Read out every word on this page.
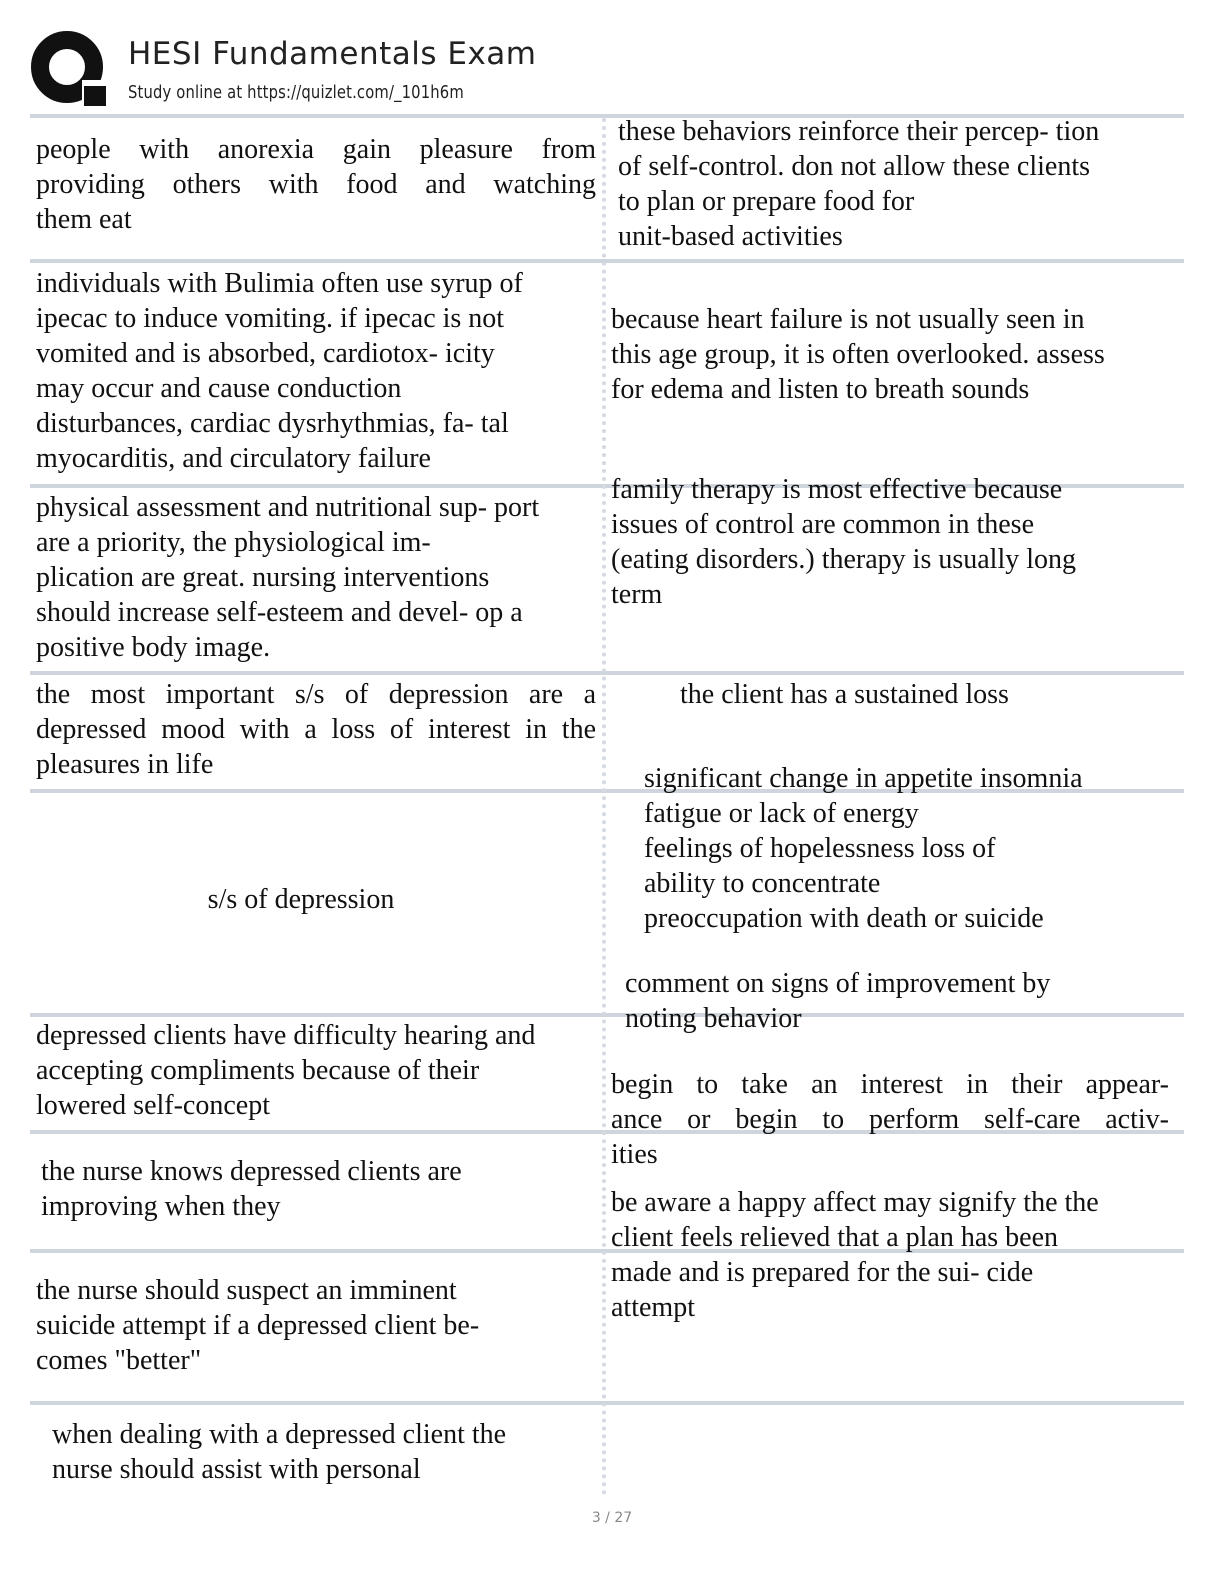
HESI Fundamentals Exam
Study online at https://quizlet.com/_101h6m
people with anorexia gain pleasure from
providing others with food and watching
them eat
these behaviors reinforce their percep- tion
of self-control. don not allow these clients
to plan or prepare food for
unit-based activities
individuals with Bulimia often use syrup of
ipecac to induce vomiting. if ipecac is not
vomited and is absorbed, cardiotox- icity
may occur and cause conduction
disturbances, cardiac dysrhythmias, fa- tal
myocarditis, and circulatory failure
because heart failure is not usually seen in
this age group, it is often overlooked. assess
for edema and listen to breath sounds
physical assessment and nutritional sup- port
are a priority, the physiological im-
plication are great. nursing interventions
should increase self-esteem and devel- op a
positive body image.
family therapy is most effective because
issues of control are common in these
(eating disorders.) therapy is usually long
term
the most important s/s of depression are a
depressed mood with a loss of interest in the
pleasures in life
the client has a sustained loss
s/s of depression
significant change in appetite insomnia
fatigue or lack of energy
feelings of hopelessness loss of
ability to concentrate
preoccupation with death or suicide
depressed clients have difficulty hearing and
accepting compliments because of their
lowered self-concept
comment on signs of improvement by
noting behavior
the nurse knows depressed clients are
improving when they
begin to take an interest in their appear-
ance or begin to perform self-care activ-
ities
the nurse should suspect an imminent
suicide attempt if a depressed client be-
comes "better"
be aware a happy affect may signify the the
client feels relieved that a plan has been
made and is prepared for the sui- cide
attempt
when dealing with a depressed client the
nurse should assist with personal
3 / 27
